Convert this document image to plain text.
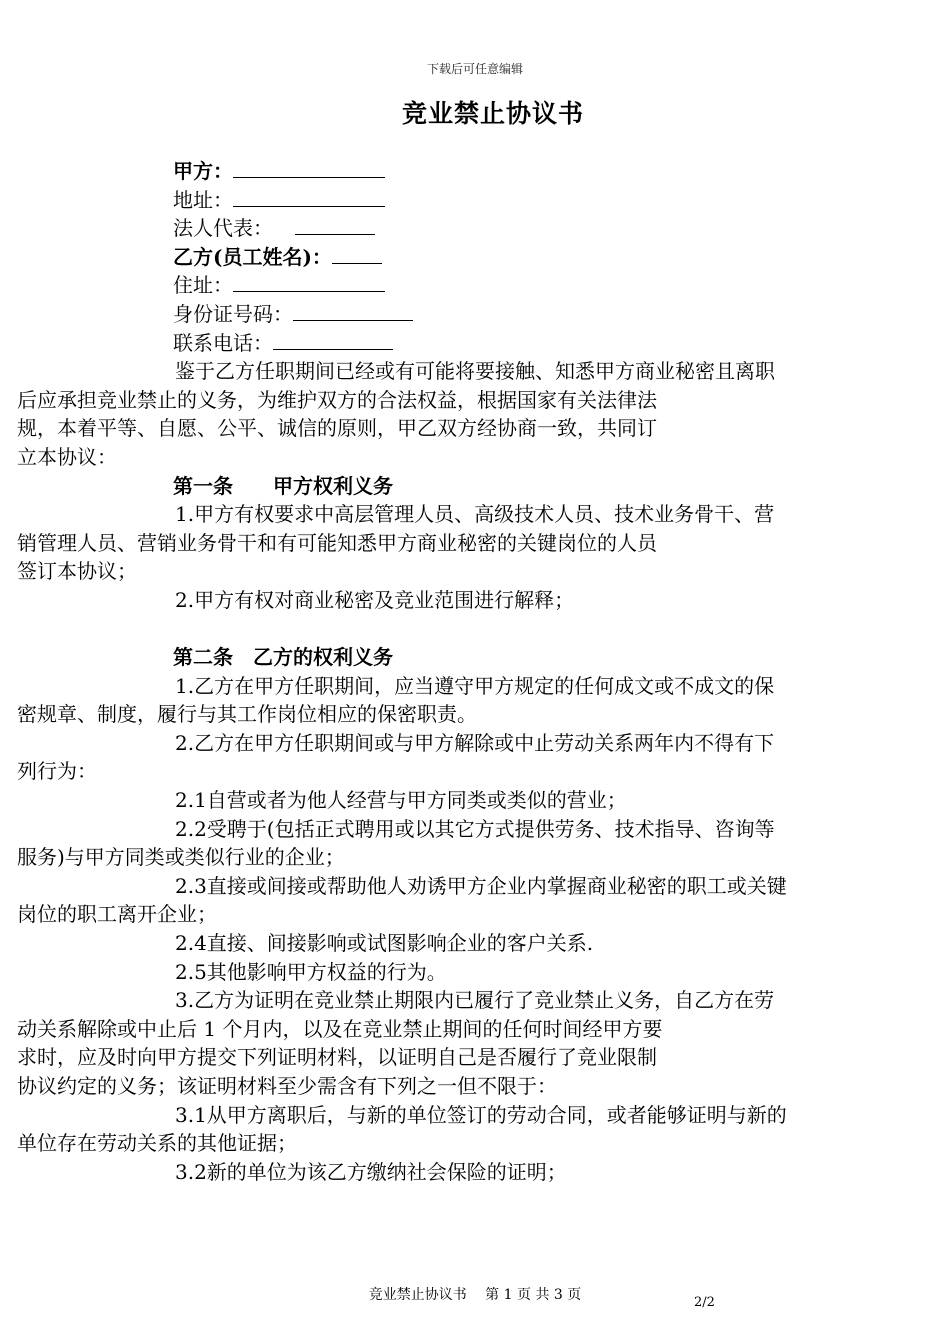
下载后可任意编辑
竞业禁止协议书
甲方：
地址：
法人代表：
乙方(员工姓名)：
住址：
身份证号码：
联系电话：
　鉴于乙方任职期间已经或有可能将要接触、知悉甲方商业秘密且离职
后应承担竞业禁止的义务，为维护双方的合法权益，根据国家有关法律法
规，本着平等、自愿、公平、诚信的原则，甲乙双方经协商一致，共同订
立本协议：
第一条　　甲方权利义务
　1.甲方有权要求中高层管理人员、高级技术人员、技术业务骨干、营
销管理人员、营销业务骨干和有可能知悉甲方商业秘密的关键岗位的人员
签订本协议；
　2.甲方有权对商业秘密及竞业范围进行解释；
第二条　乙方的权利义务
　1.乙方在甲方任职期间，应当遵守甲方规定的任何成文或不成文的保
密规章、制度，履行与其工作岗位相应的保密职责。
　2.乙方在甲方任职期间或与甲方解除或中止劳动关系两年内不得有下
列行为：
　2.1自营或者为他人经营与甲方同类或类似的营业；
　2.2受聘于(包括正式聘用或以其它方式提供劳务、技术指导、咨询等
服务)与甲方同类或类似行业的企业；
　2.3直接或间接或帮助他人劝诱甲方企业内掌握商业秘密的职工或关键
岗位的职工离开企业；
　2.4直接、间接影响或试图影响企业的客户关系.
　2.5其他影响甲方权益的行为。
　3.乙方为证明在竞业禁止期限内已履行了竞业禁止义务，自乙方在劳
动关系解除或中止后 1 个月内，以及在竞业禁止期间的任何时间经甲方要
求时，应及时向甲方提交下列证明材料，以证明自己是否履行了竞业限制
协议约定的义务；该证明材料至少需含有下列之一但不限于：
　3.1从甲方离职后，与新的单位签订的劳动合同，或者能够证明与新的
单位存在劳动关系的其他证据；
　3.2新的单位为该乙方缴纳社会保险的证明；
竞业禁止协议书　 第 1 页 共 3 页	2/2
